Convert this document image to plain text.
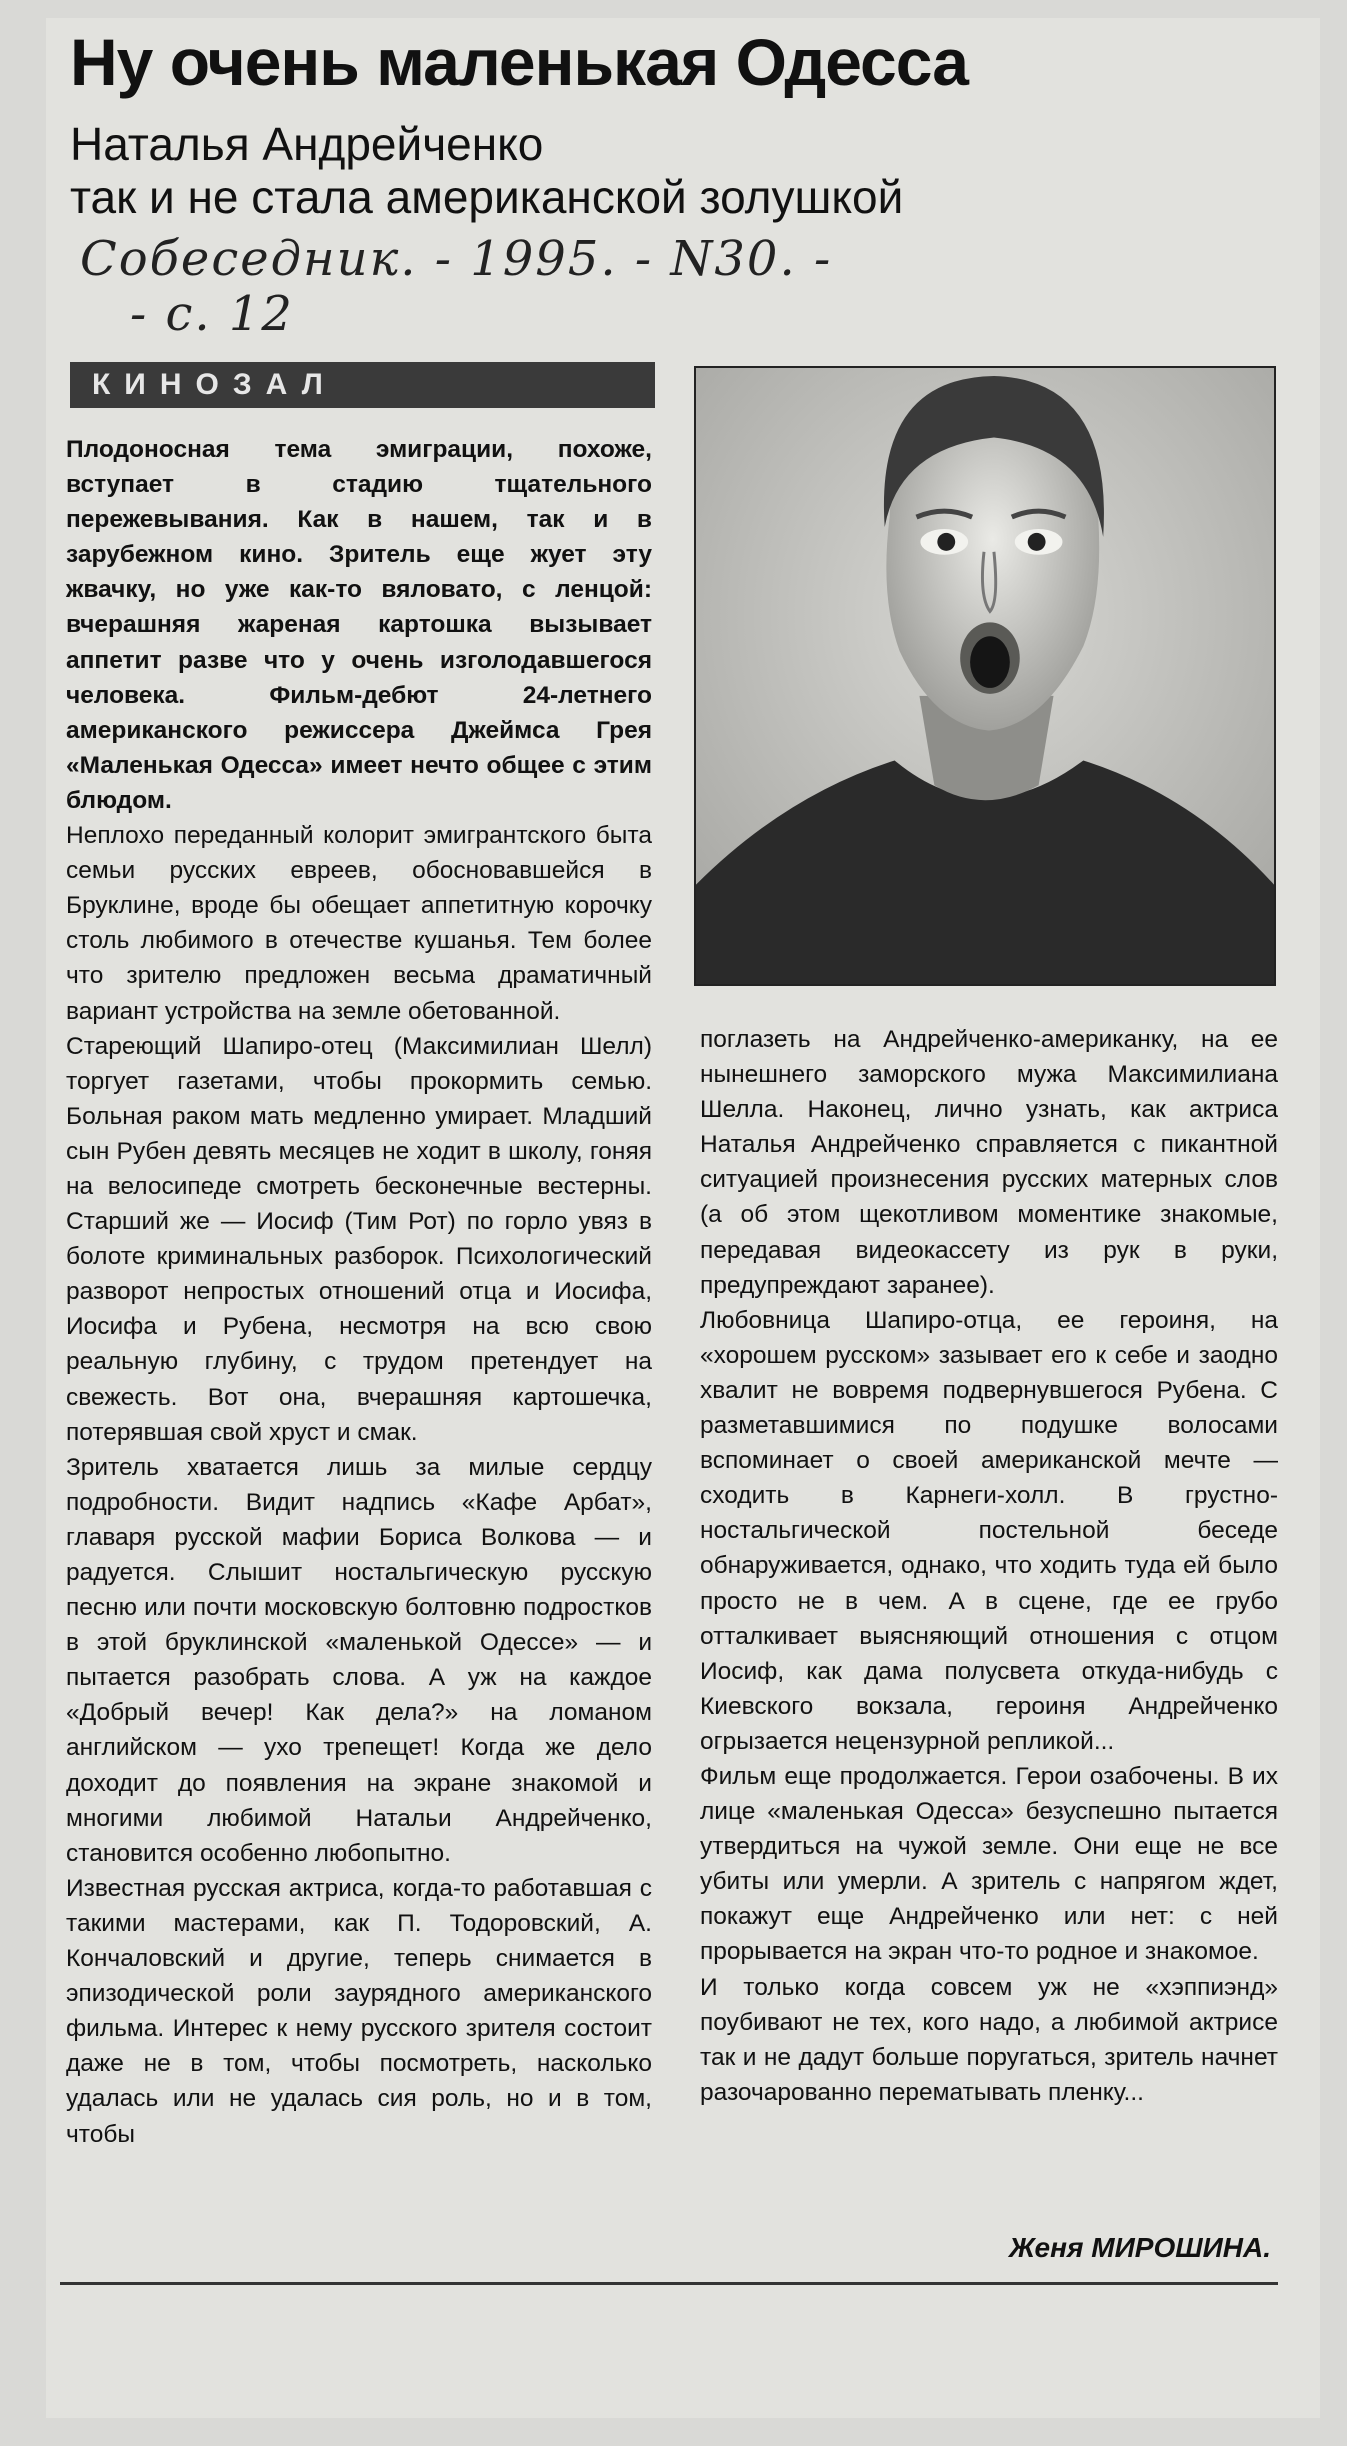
Ну очень маленькая Одесса
Наталья Андрейченко
так и не стала американской золушкой
Собеседник. - 1995. - N30. -
- с. 12
КИНОЗАЛ

Плодоносная тема эмиграции, похоже, вступает в стадию тщательного пережевывания. Как в нашем, так и в зарубежном кино. Зритель еще жует эту жвачку, но уже как-то вяловато, с ленцой: вчерашняя жареная картошка вызывает аппетит разве что у очень изголодавшегося человека. Фильм-дебют 24-летнего американского режиссера Джеймса Грея «Маленькая Одесса» имеет нечто общее с этим блюдом.

Неплохо переданный колорит эмигрантского быта семьи русских евреев, обосновавшейся в Бруклине, вроде бы обещает аппетитную корочку столь любимого в отечестве кушанья. Тем более что зрителю предложен весьма драматичный вариант устройства на земле обетованной.

Стареющий Шапиро-отец (Максимилиан Шелл) торгует газетами, чтобы прокормить семью. Больная раком мать медленно умирает. Младший сын Рубен девять месяцев не ходит в школу, гоняя на велосипеде смотреть бесконечные вестерны. Старший же — Иосиф (Тим Рот) по горло увяз в болоте криминальных разборок. Психологический разворот непростых отношений отца и Иосифа, Иосифа и Рубена, несмотря на всю свою реальную глубину, с трудом претендует на свежесть. Вот она, вчерашняя картошечка, потерявшая свой хруст и смак.

Зритель хватается лишь за милые сердцу подробности. Видит надпись «Кафе Арбат», главаря русской мафии Бориса Волкова — и радуется. Слышит ностальгическую русскую песню или почти московскую болтовню подростков в этой бруклинской «маленькой Одессе» — и пытается разобрать слова. А уж на каждое «Добрый вечер! Как дела?» на ломаном английском — ухо трепещет! Когда же дело доходит до появления на экране знакомой и многими любимой Натальи Андрейченко, становится особенно любопытно.

Известная русская актриса, когда-то работавшая с такими мастерами, как П. Тодоровский, А. Кончаловский и другие, теперь снимается в эпизодической роли заурядного американского фильма. Интерес к нему русского зрителя состоит даже не в том, чтобы посмотреть, насколько удалась или не удалась сия роль, но и в том, чтобы

поглазеть на Андрейченко-американку, на ее нынешнего заморского мужа Максимилиана Шелла. Наконец, лично узнать, как актриса Наталья Андрейченко справляется с пикантной ситуацией произнесения русских матерных слов (а об этом щекотливом моментике знакомые, передавая видеокассету из рук в руки, предупреждают заранее).

Любовница Шапиро-отца, ее героиня, на «хорошем русском» зазывает его к себе и заодно хвалит не вовремя подвернувшегося Рубена. С разметавшимися по подушке волосами вспоминает о своей американской мечте — сходить в Карнеги-холл. В грустно-ностальгической постельной беседе обнаруживается, однако, что ходить туда ей было просто не в чем. А в сцене, где ее грубо отталкивает выясняющий отношения с отцом Иосиф, как дама полусвета откуда-нибудь с Киевского вокзала, героиня Андрейченко огрызается нецензурной репликой...

Фильм еще продолжается. Герои озабочены. В их лице «маленькая Одесса» безуспешно пытается утвердиться на чужой земле. Они еще не все убиты или умерли. А зритель с напрягом ждет, покажут еще Андрейченко или нет: с ней прорывается на экран что-то родное и знакомое.

И только когда совсем уж не «хэппиэнд» поубивают не тех, кого надо, а любимой актрисе так и не дадут больше поругаться, зритель начнет разочарованно перематывать пленку...

Женя МИРОШИНА.
